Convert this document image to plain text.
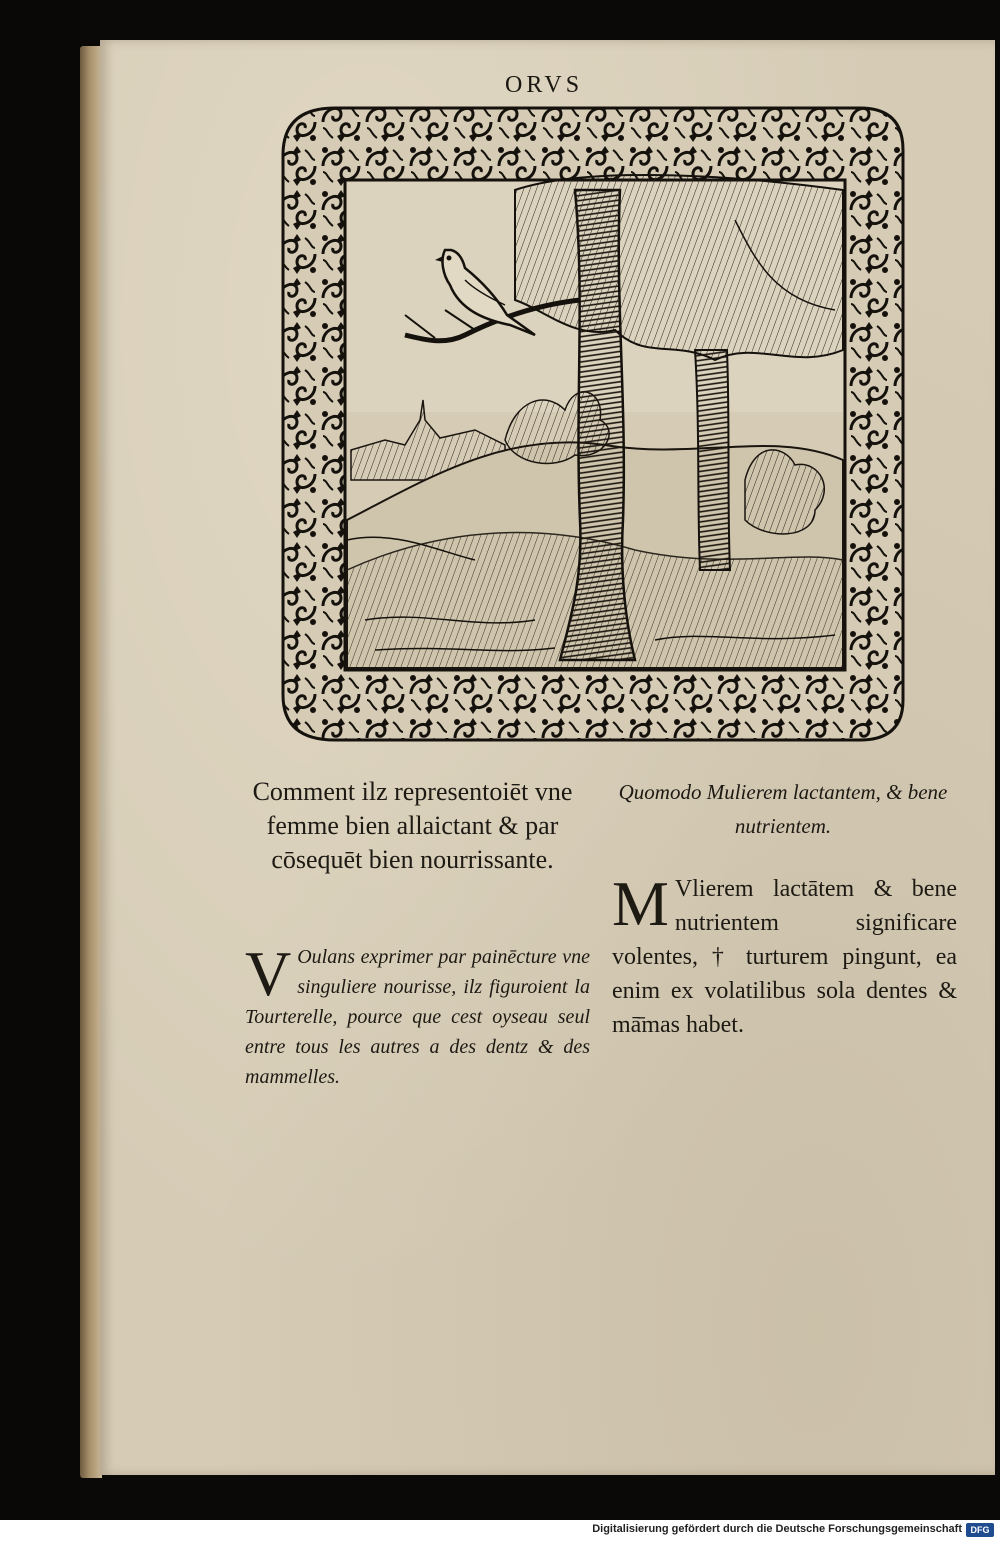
ORVS
Comment ilz representoiēt vne femme bien allaictant & par cōsequēt bien nourrissante.
V Oulans exprimer par painēcture vne singuliere nourisse, ilz figuroient la Tourterelle, pource que cest oyseau seul entre tous les autres a des dentz & des mammelles.
Quomodo Mulierem lactantem, & bene nutrientem.
M Vlierem lactātem & bene nutrientem significare volentes, † turturem pingunt, ea enim ex volatilibus sola dentes & mā̄mas habet.
Digitalisierung gefördert durch die Deutsche Forschungsgemeinschaft DFG
